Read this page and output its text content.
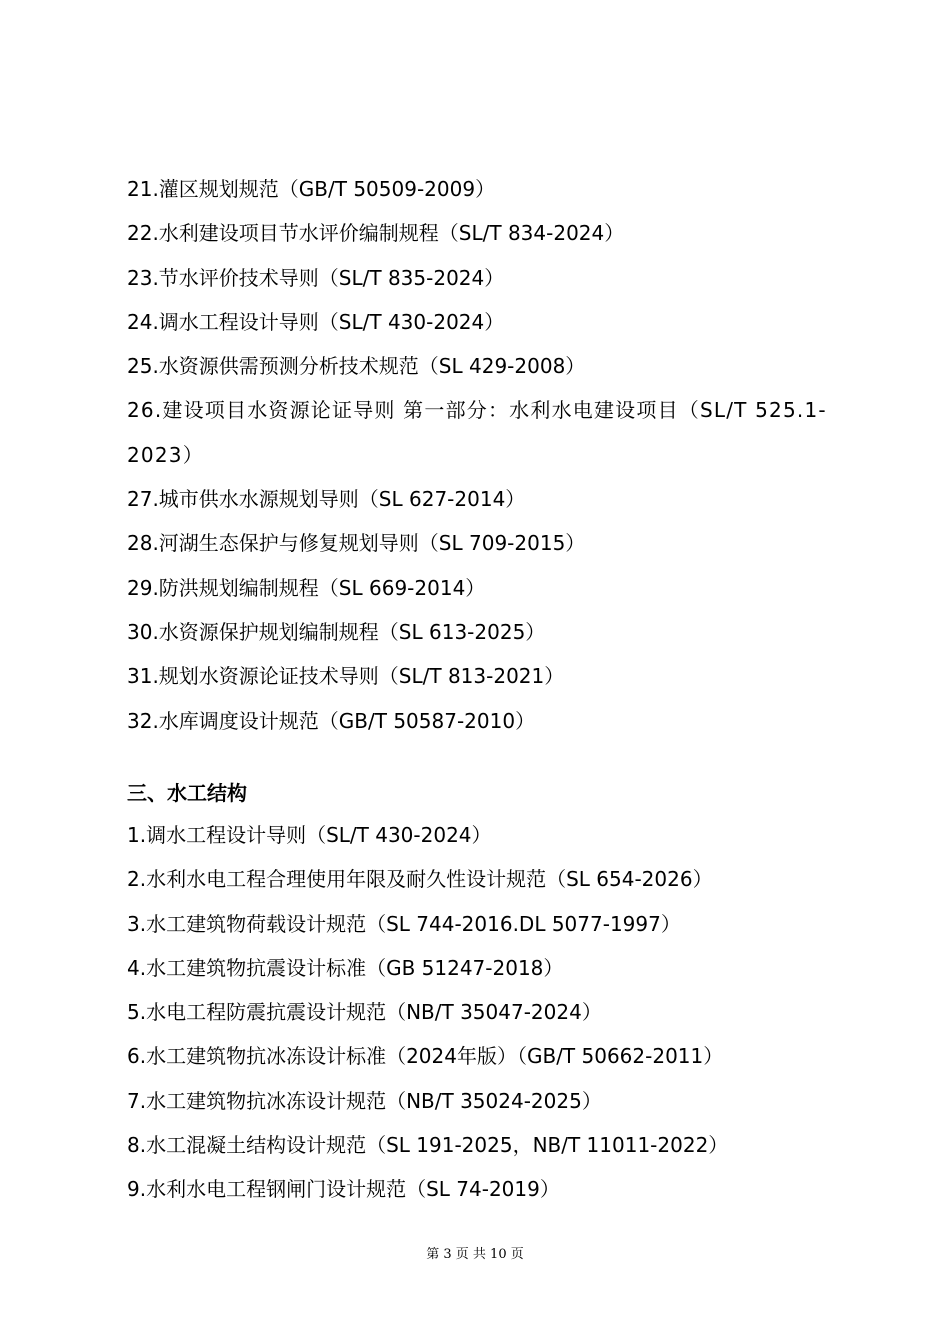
21.灌区规划规范（GB/T 50509-2009）
22.水利建设项目节水评价编制规程（SL/T 834-2024）
23.节水评价技术导则（SL/T 835-2024）
24.调水工程设计导则（SL/T 430-2024）
25.水资源供需预测分析技术规范（SL 429-2008）
26.建设项目水资源论证导则 第一部分：水利水电建设项目（SL/T 525.1-2023）
27.城市供水水源规划导则（SL 627-2014）
28.河湖生态保护与修复规划导则（SL 709-2015）
29.防洪规划编制规程（SL 669-2014）
30.水资源保护规划编制规程（SL 613-2025）
31.规划水资源论证技术导则（SL/T 813-2021）
32.水库调度设计规范（GB/T 50587-2010）
三、水工结构
1.调水工程设计导则（SL/T 430-2024）
2.水利水电工程合理使用年限及耐久性设计规范（SL 654-2026）
3.水工建筑物荷载设计规范（SL 744-2016.DL 5077-1997）
4.水工建筑物抗震设计标准（GB 51247-2018）
5.水电工程防震抗震设计规范（NB/T 35047-2024）
6.水工建筑物抗冰冻设计标准（2024年版）（GB/T 50662-2011）
7.水工建筑物抗冰冻设计规范（NB/T 35024-2025）
8.水工混凝土结构设计规范（SL 191-2025，NB/T 11011-2022）
9.水利水电工程钢闸门设计规范（SL 74-2019）
第 3 页 共 10 页
